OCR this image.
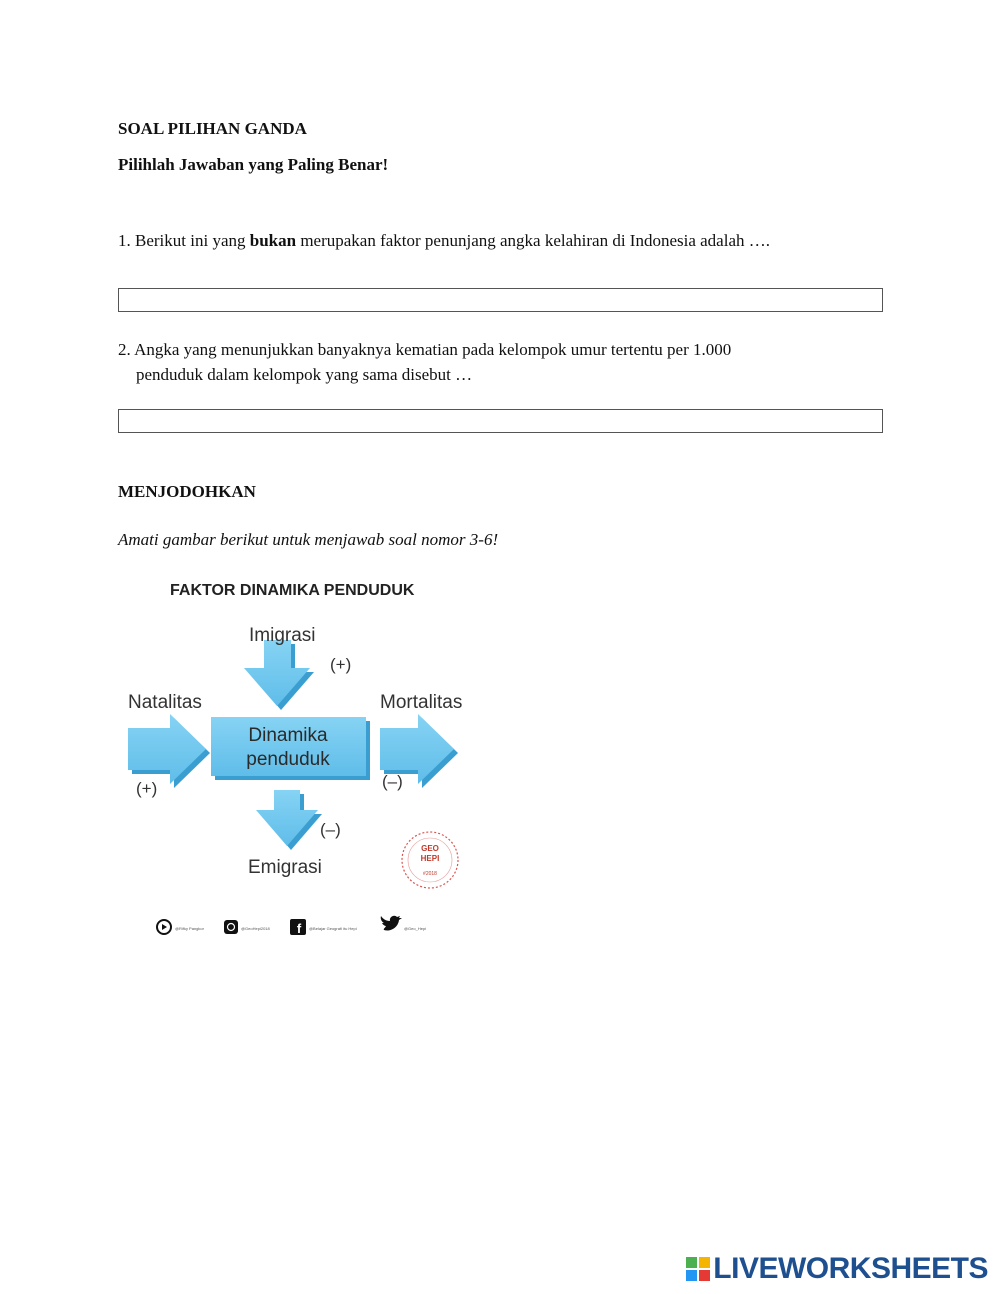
SOAL PILIHAN GANDA
Pilihlah Jawaban yang Paling Benar!
1. Berikut ini yang bukan merupakan faktor penunjang angka kelahiran di Indonesia adalah ….
2. Angka yang menunjukkan banyaknya kematian pada kelompok umur tertentu per 1.000
penduduk dalam kelompok yang sama disebut …
MENJODOHKAN
Amati gambar berikut untuk menjawab soal nomor 3-6!
FAKTOR DINAMIKA PENDUDUK
Imigrasi
(+)
Natalitas
(+)
Dinamika
penduduk
Mortalitas
(–)
(–)
Emigrasi
GEO
HEPI
#2018
@Rifky Pangkor	@GeoHepi2018 f @Belajar Geografi itu Hepi	@Geo_Hepi
LIVEWORKSHEETS
